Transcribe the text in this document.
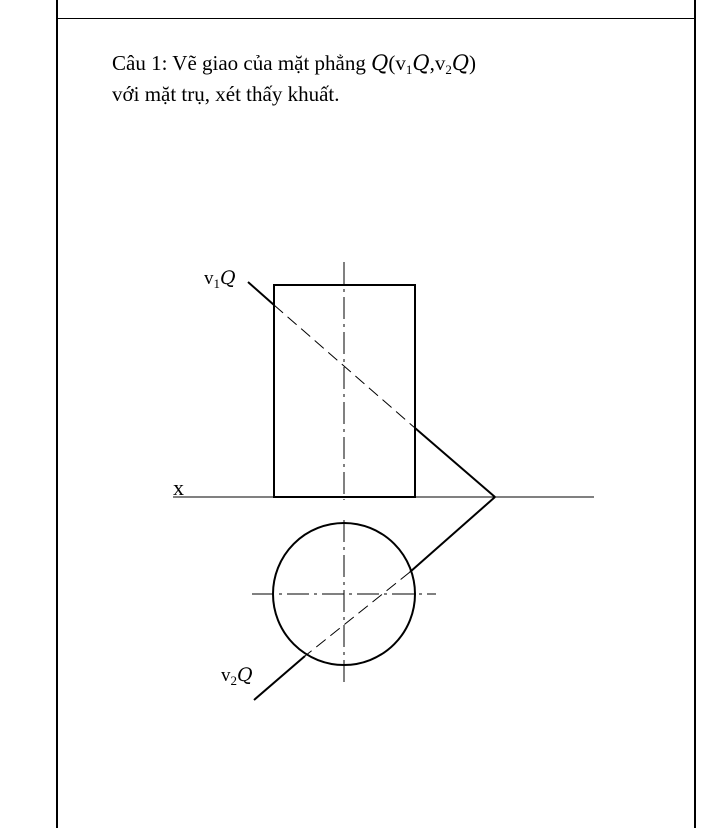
Câu 1: Vẽ giao của mặt phẳng $Q(v_1Q,v_2Q)$

với mặt trụ, xét thấy khuất.

$v_1Q$
$v_2Q$
x
